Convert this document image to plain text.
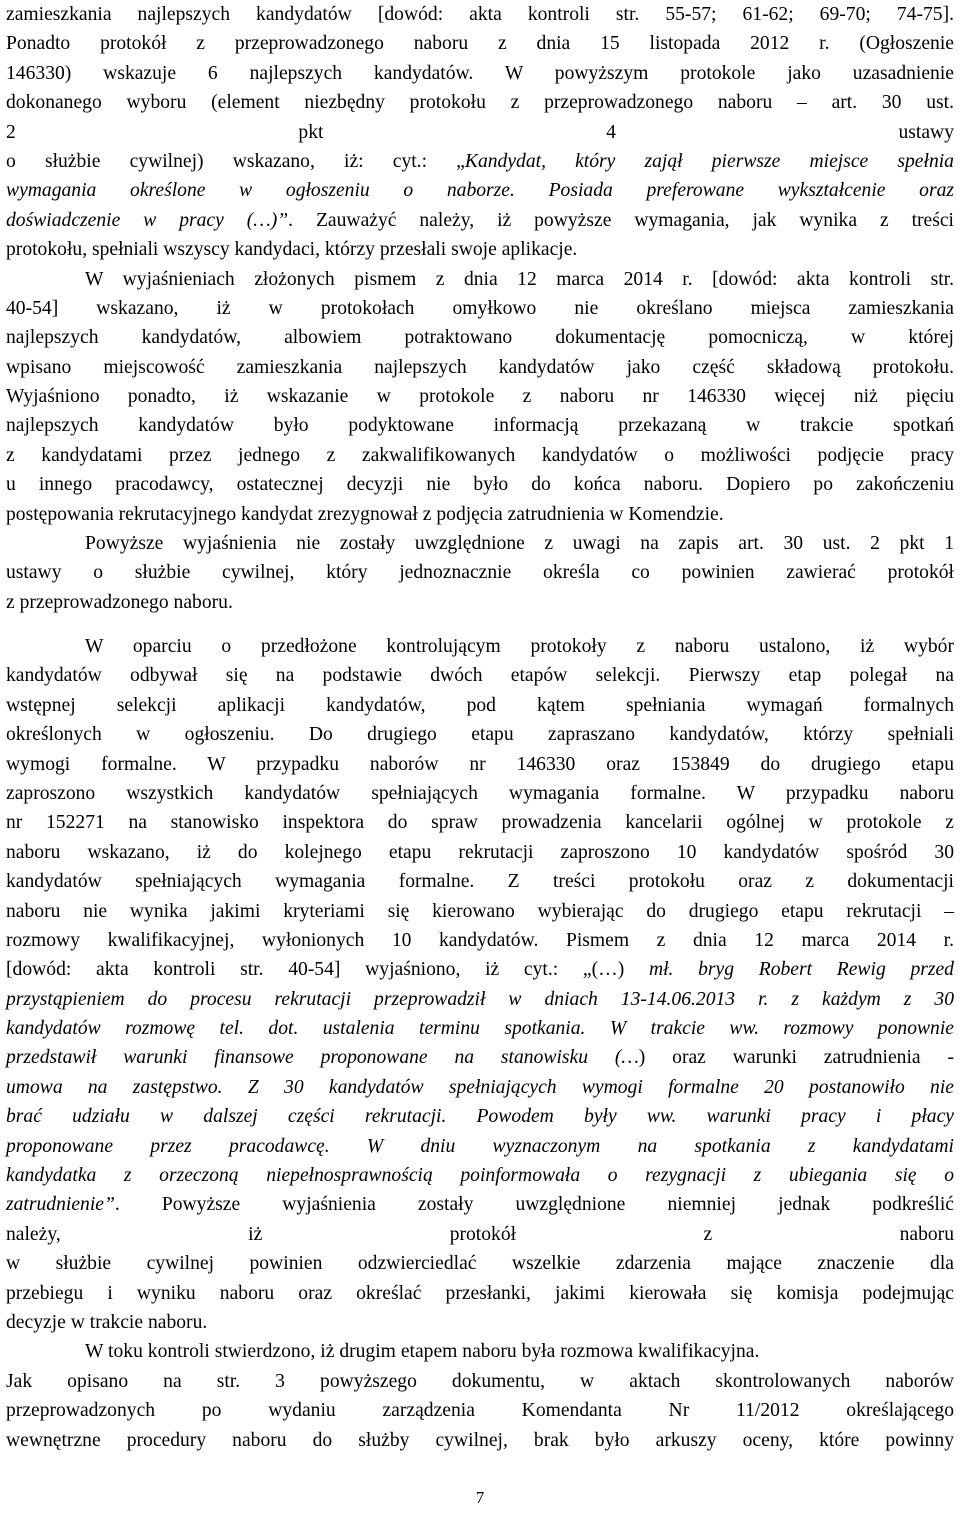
zamieszkania najlepszych kandydatów [dowód: akta kontroli str. 55-57; 61-62; 69-70; 74-75].
Ponadto protokół z przeprowadzonego naboru z dnia 15 listopada 2012 r. (Ogłoszenie
146330) wskazuje 6 najlepszych kandydatów. W powyższym protokole jako uzasadnienie
dokonanego wyboru (element niezbędny protokołu z przeprowadzonego naboru – art. 30 ust.
2 pkt 4 ustawy
o służbie cywilnej) wskazano, iż: cyt.: „Kandydat, który zajął pierwsze miejsce spełnia
wymagania określone w ogłoszeniu o naborze. Posiada preferowane wykształcenie oraz
doświadczenie w pracy (…)”. Zauważyć należy, iż powyższe wymagania, jak wynika z treści
protokołu, spełniali wszyscy kandydaci, którzy przesłali swoje aplikacje.
W wyjaśnieniach złożonych pismem z dnia 12 marca 2014 r. [dowód: akta kontroli str.
40-54] wskazano, iż w protokołach omyłkowo nie określano miejsca zamieszkania
najlepszych kandydatów, albowiem potraktowano dokumentację pomocniczą, w której
wpisano miejscowość zamieszkania najlepszych kandydatów jako część składową protokołu.
Wyjaśniono ponadto, iż wskazanie w protokole z naboru nr 146330 więcej niż pięciu
najlepszych kandydatów było podyktowane informacją przekazaną w trakcie spotkań
z kandydatami przez jednego z zakwalifikowanych kandydatów o możliwości podjęcie pracy
u innego pracodawcy, ostatecznej decyzji nie było do końca naboru. Dopiero po zakończeniu
postępowania rekrutacyjnego kandydat zrezygnował z podjęcia zatrudnienia w Komendzie.
Powyższe wyjaśnienia nie zostały uwzględnione z uwagi na zapis art. 30 ust. 2 pkt 1
ustawy o służbie cywilnej, który jednoznacznie określa co powinien zawierać protokół
z przeprowadzonego naboru.
W oparciu o przedłożone kontrolującym protokoły z naboru ustalono, iż wybór
kandydatów odbywał się na podstawie dwóch etapów selekcji. Pierwszy etap polegał na
wstępnej selekcji aplikacji kandydatów, pod kątem spełniania wymagań formalnych
określonych w ogłoszeniu. Do drugiego etapu zapraszano kandydatów, którzy spełniali
wymogi formalne. W przypadku naborów nr 146330 oraz 153849 do drugiego etapu
zaproszono wszystkich kandydatów spełniających wymagania formalne. W przypadku naboru
nr 152271 na stanowisko inspektora do spraw prowadzenia kancelarii ogólnej w protokole z
naboru wskazano, iż do kolejnego etapu rekrutacji zaproszono 10 kandydatów spośród 30
kandydatów spełniających wymagania formalne. Z treści protokołu oraz z dokumentacji
naboru nie wynika jakimi kryteriami się kierowano wybierając do drugiego etapu rekrutacji –
rozmowy kwalifikacyjnej, wyłonionych 10 kandydatów. Pismem z dnia 12 marca 2014 r.
[dowód: akta kontroli str. 40-54] wyjaśniono, iż cyt.: „(…) mł. bryg Robert Rewig przed
przystąpieniem do procesu rekrutacji przeprowadził w dniach 13-14.06.2013 r. z każdym z 30
kandydatów rozmowę tel. dot. ustalenia terminu spotkania. W trakcie ww. rozmowy ponownie
przedstawił warunki finansowe proponowane na stanowisku (…) oraz warunki zatrudnienia -
umowa na zastępstwo. Z 30 kandydatów spełniających wymogi formalne 20 postanowiło nie
brać udziału w dalszej części rekrutacji. Powodem były ww. warunki pracy i płacy
proponowane przez pracodawcę. W dniu wyznaczonym na spotkania z kandydatami
kandydatka z orzeczoną niepełnosprawnością poinformowała o rezygnacji z ubiegania się o
zatrudnienie”. Powyższe wyjaśnienia zostały uwzględnione niemniej jednak podkreślić
należy, iż protokół z naboru
w służbie cywilnej powinien odzwierciedlać wszelkie zdarzenia mające znaczenie dla
przebiegu i wyniku naboru oraz określać przesłanki, jakimi kierowała się komisja podejmując
decyzje w trakcie naboru.
W toku kontroli stwierdzono, iż drugim etapem naboru była rozmowa kwalifikacyjna.
Jak opisano na str. 3 powyższego dokumentu, w aktach skontrolowanych naborów
przeprowadzonych po wydaniu zarządzenia Komendanta Nr 11/2012 określającego
wewnętrzne procedury naboru do służby cywilnej, brak było arkuszy oceny, które powinny
7
